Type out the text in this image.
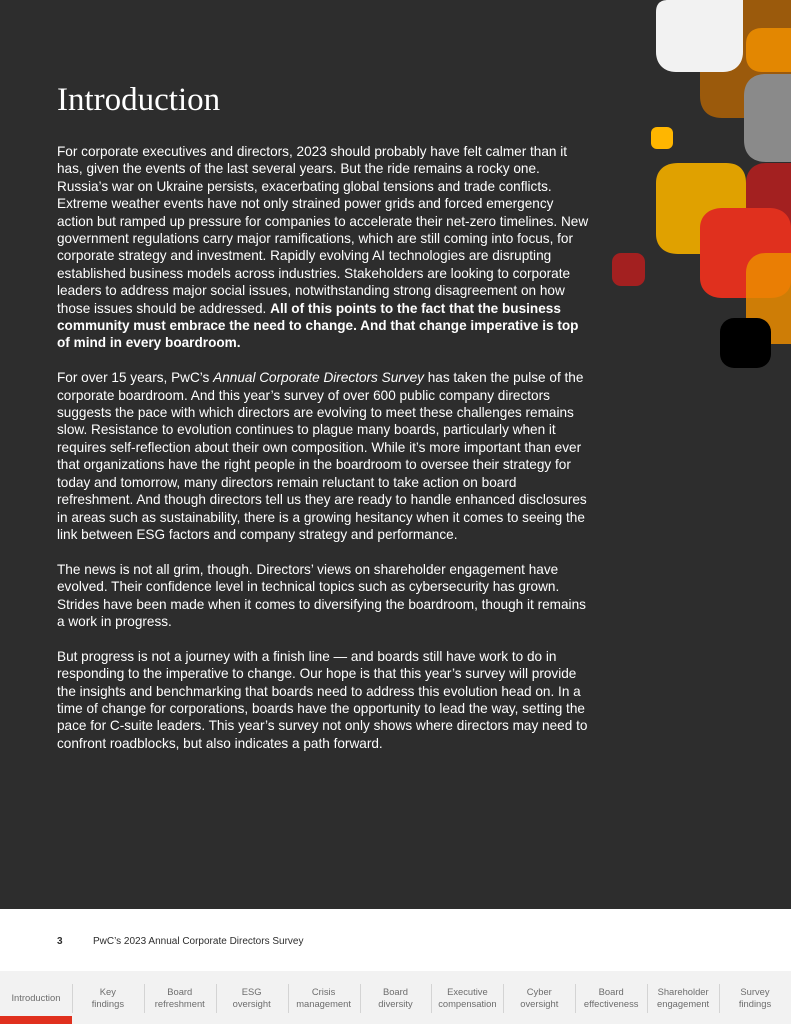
Introduction

For corporate executives and directors, 2023 should probably have felt calmer than it has, given the events of the last several years. But the ride remains a rocky one. Russia’s war on Ukraine persists, exacerbating global tensions and trade conflicts. Extreme weather events have not only strained power grids and forced emergency action but ramped up pressure for companies to accelerate their net-zero timelines. New government regulations carry major ramifications, which are still coming into focus, for corporate strategy and investment. Rapidly evolving AI technologies are disrupting established business models across industries. Stakeholders are looking to corporate leaders to address major social issues, notwithstanding strong disagreement on how those issues should be addressed. All of this points to the fact that the business community must embrace the need to change. And that change imperative is top of mind in every boardroom.

For over 15 years, PwC’s Annual Corporate Directors Survey has taken the pulse of the corporate boardroom. And this year’s survey of over 600 public company directors suggests the pace with which directors are evolving to meet these challenges remains slow. Resistance to evolution continues to plague many boards, particularly when it requires self-reflection about their own composition. While it’s more important than ever that organizations have the right people in the boardroom to oversee their strategy for today and tomorrow, many directors remain reluctant to take action on board refreshment. And though directors tell us they are ready to handle enhanced disclosures in areas such as sustainability, there is a growing hesitancy when it comes to seeing the link between ESG factors and company strategy and performance.

The news is not all grim, though. Directors’ views on shareholder engagement have evolved. Their confidence level in technical topics such as cybersecurity has grown. Strides have been made when it comes to diversifying the boardroom, though it remains a work in progress.

But progress is not a journey with a finish line — and boards still have work to do in responding to the imperative to change. Our hope is that this year’s survey will provide the insights and benchmarking that boards need to address this evolution head on. In a time of change for corporations, boards have the opportunity to lead the way, setting the pace for C-suite leaders. This year’s survey not only shows where directors may need to confront roadblocks, but also indicates a path forward.

3	PwC’s 2023 Annual Corporate Directors Survey
Introduction
Key
findings
Board
refreshment
ESG
oversight
Crisis
management
Board
diversity
Executive
compensation
Cyber
oversight
Board
effectiveness
Shareholder
engagement
Survey
findings
